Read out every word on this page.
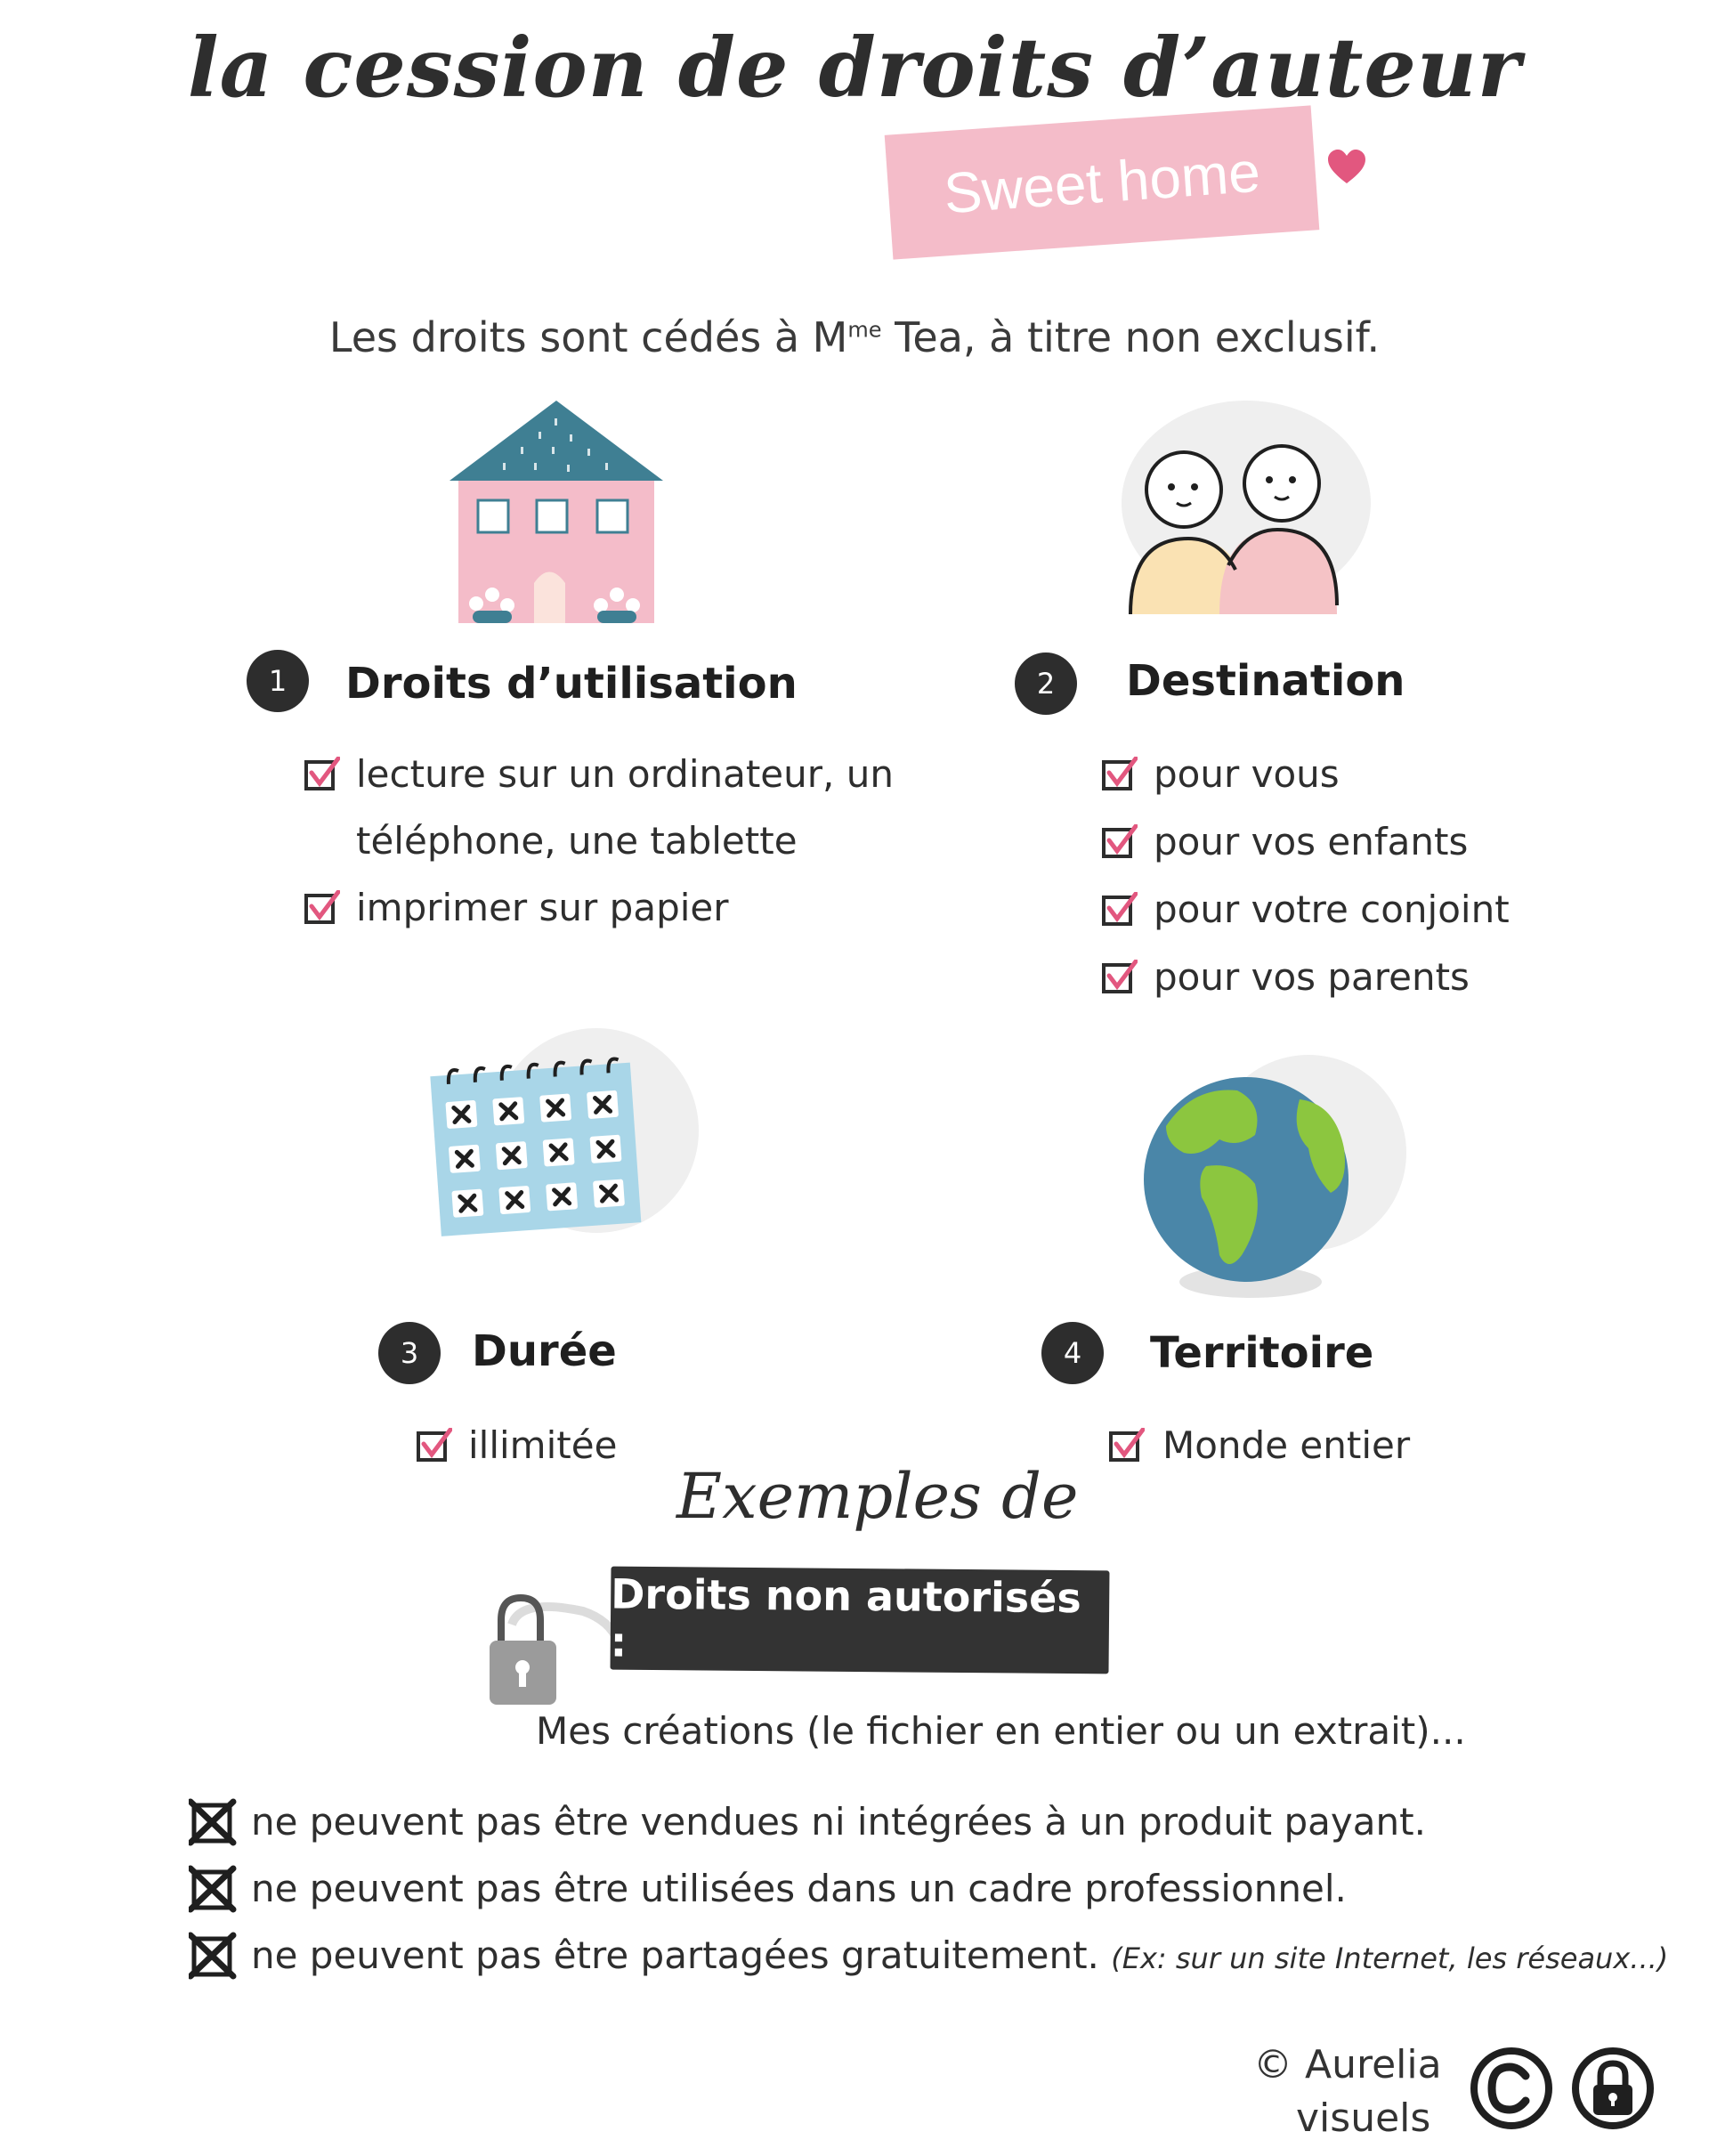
la cession de droits d’auteur
Sweet home
Les droits sont cédés à $M^{me}$ Tea, à titre non exclusif.
1	Droits d’utilisation
lecture sur un ordinateur, un
téléphone, une tablette
imprimer sur papier
2	Destination
pour vous
pour vos enfants
pour votre conjoint
pour vos parents
3	Durée
illimitée
4	Territoire
Monde entier
Exemples de
Droits non autorisés :
Mes créations (le fichier en entier ou un extrait)...
ne peuvent pas être vendues ni intégrées à un produit payant.
ne peuvent pas être utilisées dans un cadre professionnel.
ne peuvent pas être partagées gratuitement. (Ex: sur un site Internet, les réseaux...)
© Aurelia
visuels
